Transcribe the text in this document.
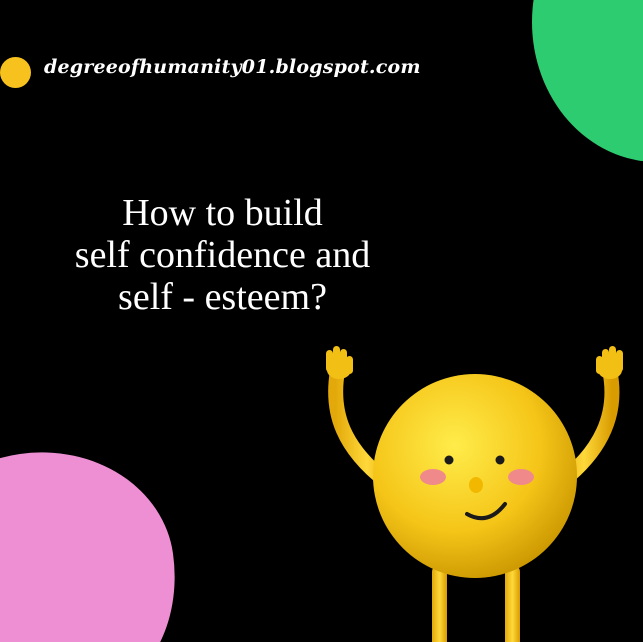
degreeofhumanity01.blogspot.com
How to build
self confidence and
self - esteem?
